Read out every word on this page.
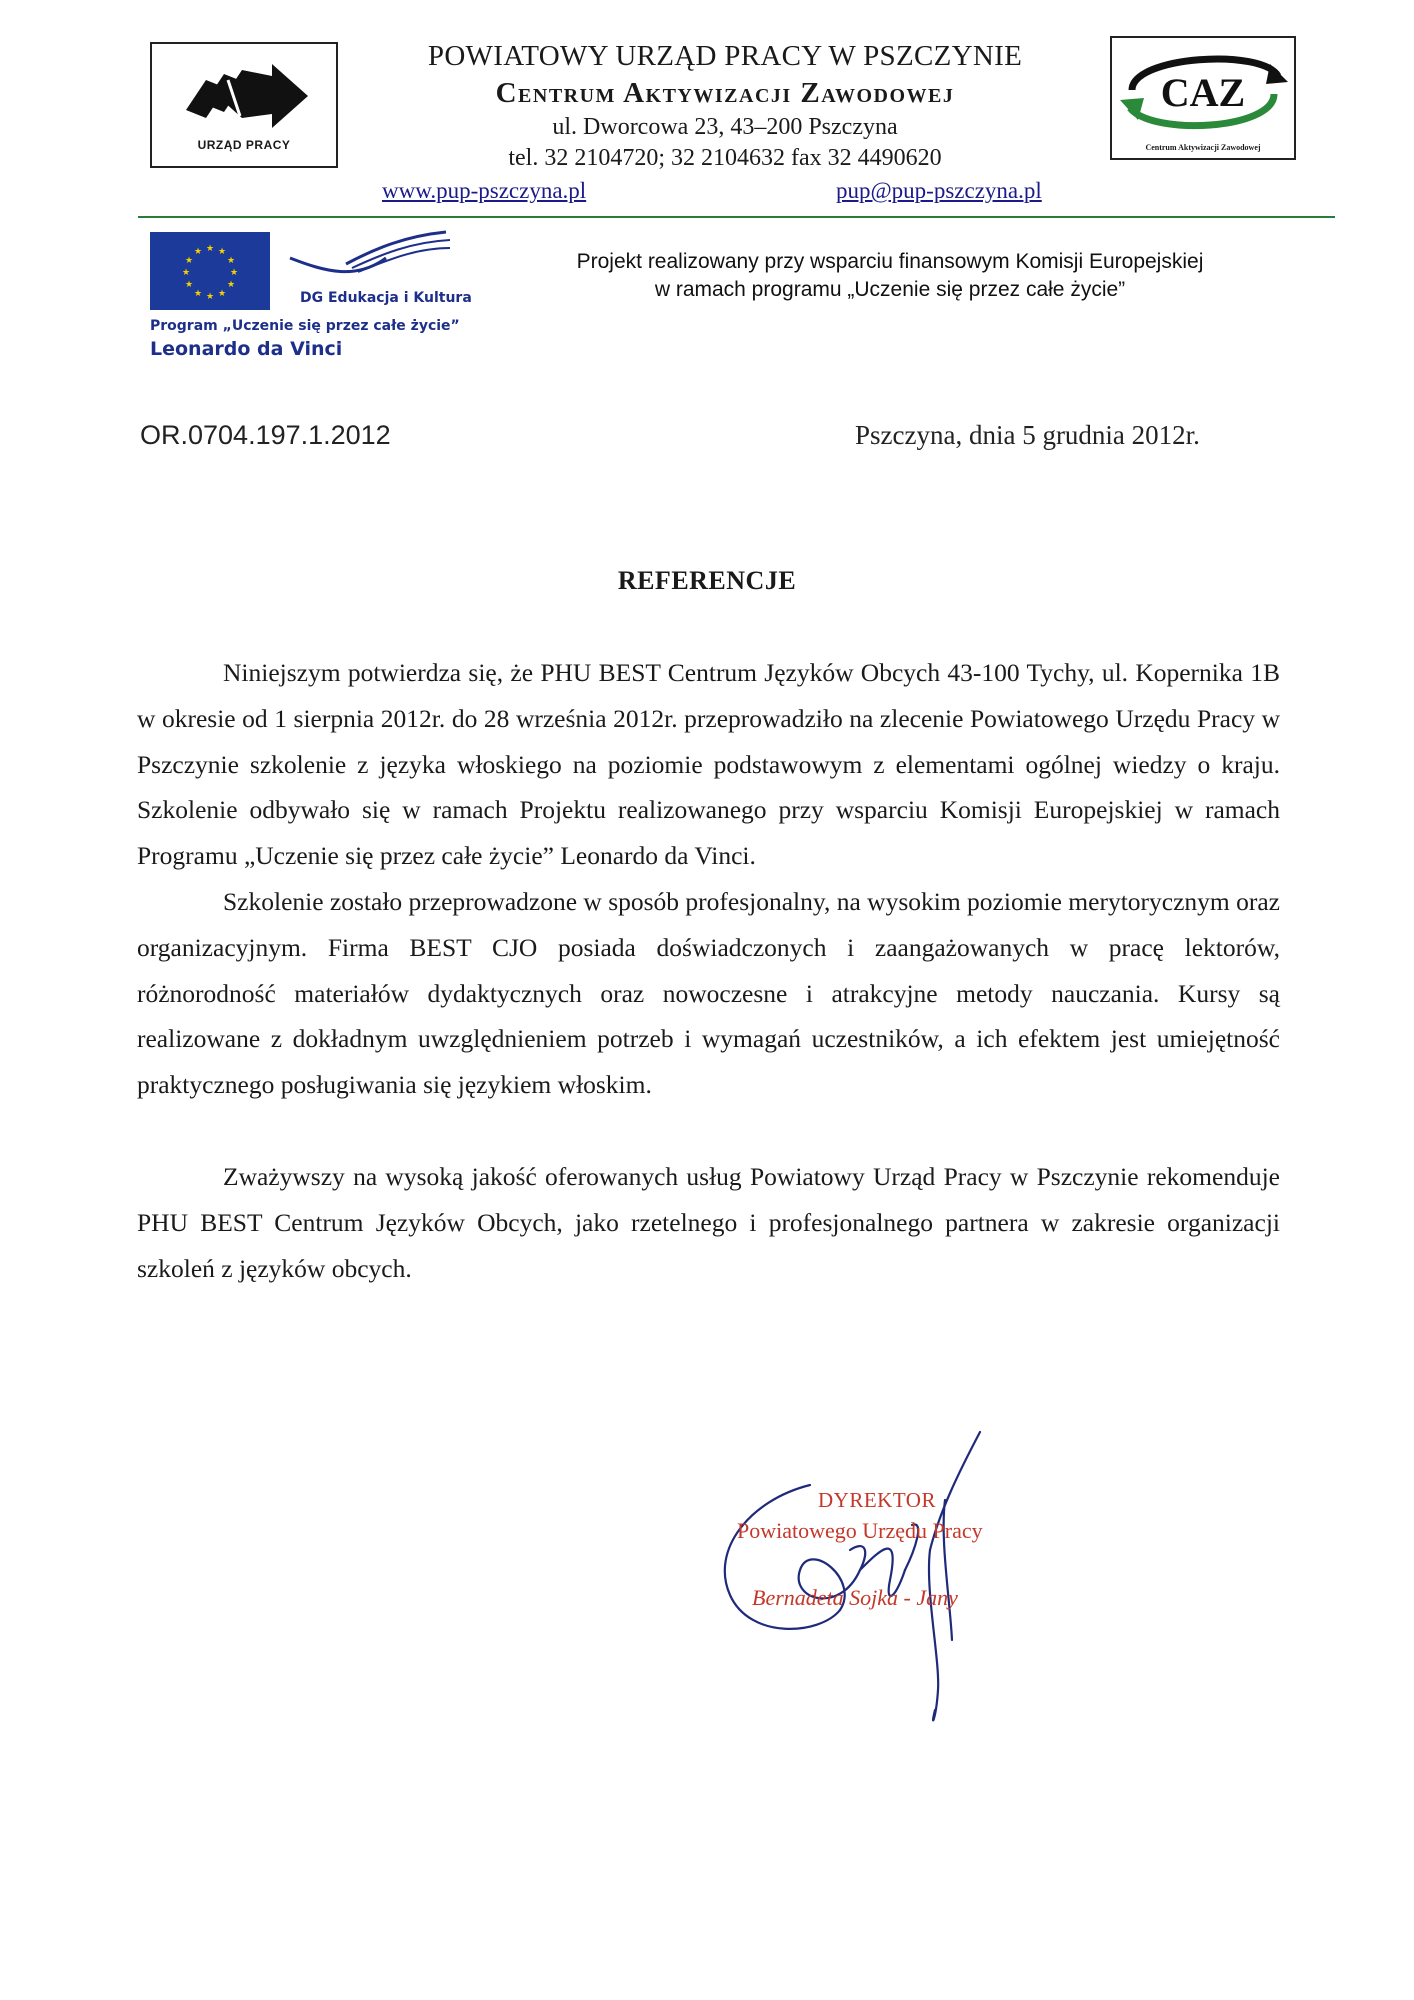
URZĄD PRACY
POWIATOWY URZĄD PRACY W PSZCZYNIE
Centrum Aktywizacji Zawodowej
ul. Dworcowa 23, 43–200 Pszczyna
tel. 32 2104720; 32 2104632 fax 32 4490620
www.pup-pszczyna.pl	pup@pup-pszczyna.pl
CAZ
Centrum Aktywizacji Zawodowej
★ ★
★
★
★
★
★
★
★
★
★
★
DG Edukacja i Kultura
Program „Uczenie się przez całe życie”
Leonardo da Vinci
Projekt realizowany przy wsparciu finansowym Komisji Europejskiej
w ramach programu „Uczenie się przez całe życie”
OR.0704.197.1.2012	Pszczyna, dnia 5 grudnia 2012r.
REFERENCJE

Niniejszym potwierdza się, że PHU BEST Centrum Języków Obcych 43-100 Tychy, ul. Kopernika 1B w okresie od 1 sierpnia 2012r. do 28 września 2012r. przeprowadziło na zlecenie Powiatowego Urzędu Pracy w Pszczynie szkolenie z języka włoskiego na poziomie podstawowym z elementami ogólnej wiedzy o kraju. Szkolenie odbywało się w ramach Projektu realizowanego przy wsparciu Komisji Europejskiej w ramach Programu „Uczenie się przez całe życie” Leonardo da Vinci.

Szkolenie zostało przeprowadzone w sposób profesjonalny, na wysokim poziomie merytorycznym oraz organizacyjnym. Firma BEST CJO posiada doświadczonych i zaangażowanych w pracę lektorów, różnorodność materiałów dydaktycznych oraz nowoczesne i atrakcyjne metody nauczania. Kursy są realizowane z dokładnym uwzględnieniem potrzeb i wymagań uczestników, a ich efektem jest umiejętność praktycznego posługiwania się językiem włoskim.

Zważywszy na wysoką jakość oferowanych usług Powiatowy Urząd Pracy w Pszczynie rekomenduje PHU BEST Centrum Języków Obcych, jako rzetelnego i profesjonalnego partnera w zakresie organizacji szkoleń z języków obcych.

DYREKTOR
Powiatowego Urzędu Pracy
Bernadeta Sojka - Jany
